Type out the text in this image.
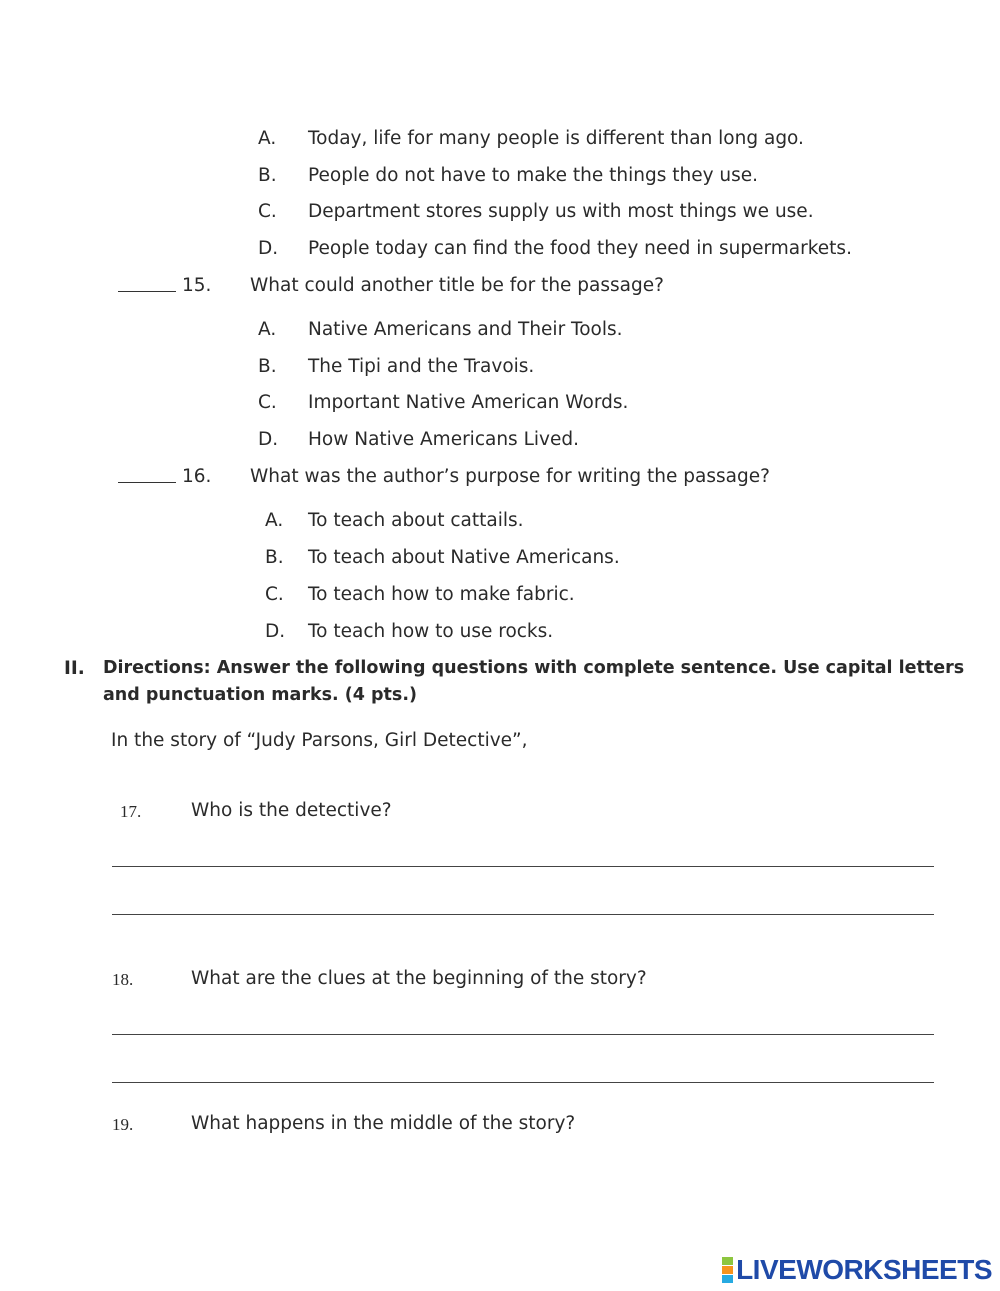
A. Today, life for many people is different than long ago.
B. People do not have to make the things they use.
C. Department stores supply us with most things we use.
D. People today can find the food they need in supermarkets.
15. What could another title be for the passage?
A. Native Americans and Their Tools.
B. The Tipi and the Travois.
C. Important Native American Words.
D. How Native Americans Lived.
16. What was the author’s purpose for writing the passage?
A. To teach about cattails.
B. To teach about Native Americans.
C. To teach how to make fabric.
D. To teach how to use rocks.
II. Directions: Answer the following questions with complete sentence. Use capital letters
and punctuation marks. (4 pts.)
In the story of “Judy Parsons, Girl Detective”,
17.	Who is the detective?
18.	What are the clues at the beginning of the story?
19.	What happens in the middle of the story?
LIVEWORKSHEETS
